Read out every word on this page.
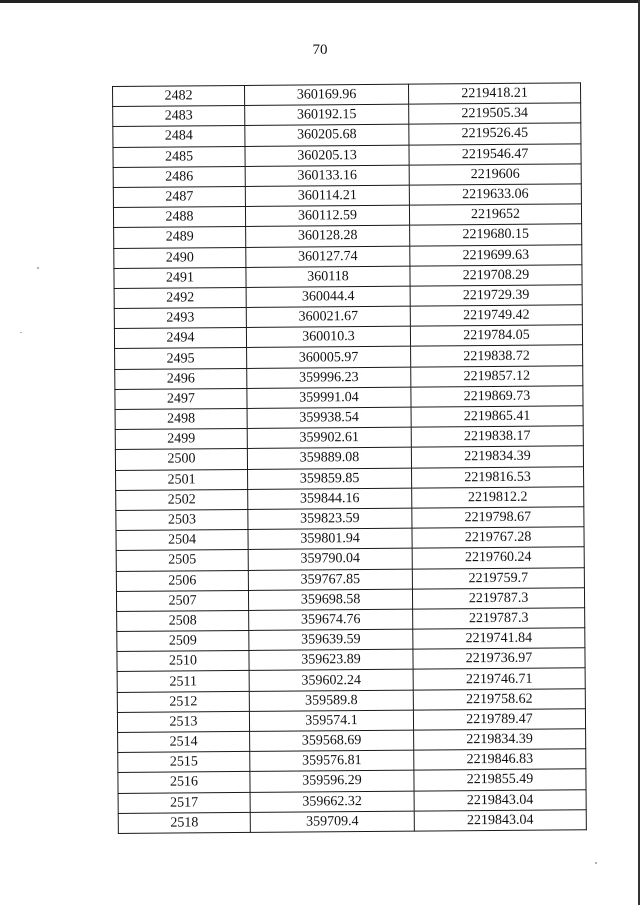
70
2482	360169.96	2219418.21
2483	360192.15	2219505.34
2484	360205.68	2219526.45
2485	360205.13	2219546.47
2486	360133.16	2219606
2487	360114.21	2219633.06
2488	360112.59	2219652
2489	360128.28	2219680.15
2490	360127.74	2219699.63
2491	360118	2219708.29
2492	360044.4	2219729.39
2493	360021.67	2219749.42
2494	360010.3	2219784.05
2495	360005.97	2219838.72
2496	359996.23	2219857.12
2497	359991.04	2219869.73
2498	359938.54	2219865.41
2499	359902.61	2219838.17
2500	359889.08	2219834.39
2501	359859.85	2219816.53
2502	359844.16	2219812.2
2503	359823.59	2219798.67
2504	359801.94	2219767.28
2505	359790.04	2219760.24
2506	359767.85	2219759.7
2507	359698.58	2219787.3
2508	359674.76	2219787.3
2509	359639.59	2219741.84
2510	359623.89	2219736.97
2511	359602.24	2219746.71
2512	359589.8	2219758.62
2513	359574.1	2219789.47
2514	359568.69	2219834.39
2515	359576.81	2219846.83
2516	359596.29	2219855.49
2517	359662.32	2219843.04
2518	359709.4	2219843.04
